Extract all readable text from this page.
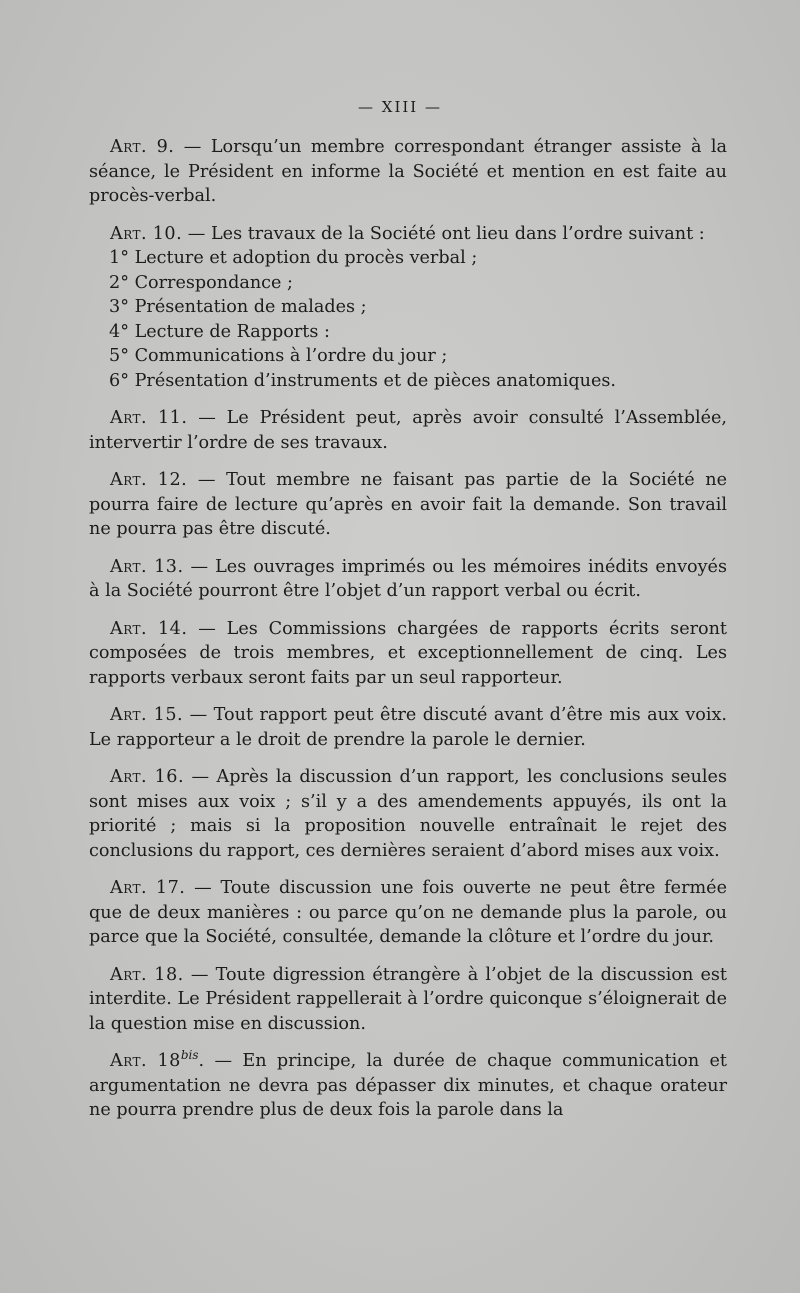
— XIII —

Art. 9. — Lorsqu’un membre correspondant étranger assiste à la séance, le Président en informe la Société et mention en est faite au procès-verbal.

Art. 10. — Les travaux de la Société ont lieu dans l’ordre suivant :

1° Lecture et adoption du procès verbal ;
2° Correspondance ;
3° Présentation de malades ;
4° Lecture de Rapports :
5° Communications à l’ordre du jour ;
6° Présentation d’instruments et de pièces anatomiques.

Art. 11. — Le Président peut, après avoir consulté l’Assemblée, intervertir l’ordre de ses travaux.

Art. 12. — Tout membre ne faisant pas partie de la Société ne pourra faire de lecture qu’après en avoir fait la demande. Son travail ne pourra pas être discuté.

Art. 13. — Les ouvrages imprimés ou les mémoires inédits envoyés à la Société pourront être l’objet d’un rapport verbal ou écrit.

Art. 14. — Les Commissions chargées de rapports écrits seront composées de trois membres, et exceptionnellement de cinq. Les rapports verbaux seront faits par un seul rapporteur.

Art. 15. — Tout rapport peut être discuté avant d’être mis aux voix. Le rapporteur a le droit de prendre la parole le dernier.

Art. 16. — Après la discussion d’un rapport, les conclusions seules sont mises aux voix ; s’il y a des amendements appuyés, ils ont la priorité ; mais si la proposition nouvelle entraînait le rejet des conclusions du rapport, ces dernières seraient d’abord mises aux voix.

Art. 17. — Toute discussion une fois ouverte ne peut être fermée que de deux manières : ou parce qu’on ne demande plus la parole, ou parce que la Société, consultée, demande la clôture et l’ordre du jour.

Art. 18. — Toute digression étrangère à l’objet de la discussion est interdite. Le Président rappellerait à l’ordre quiconque s’éloignerait de la question mise en discussion.

Art. $18^{bis}$. — En principe, la durée de chaque communication et argumentation ne devra pas dépasser dix minutes, et chaque orateur ne pourra prendre plus de deux fois la parole dans la
